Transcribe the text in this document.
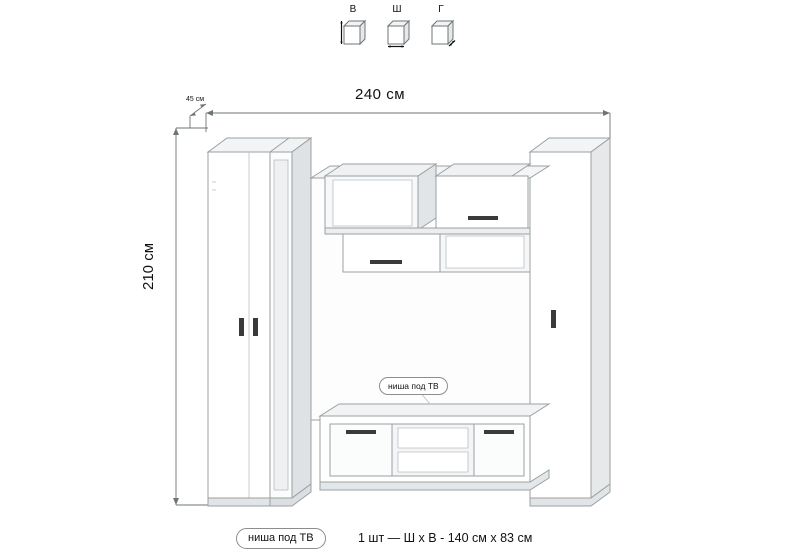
В	Ш	Г
240 см
45 см
210 см
ниша под ТВ
ниша под ТВ	1 шт — Ш х В - 140 см x 83 см
